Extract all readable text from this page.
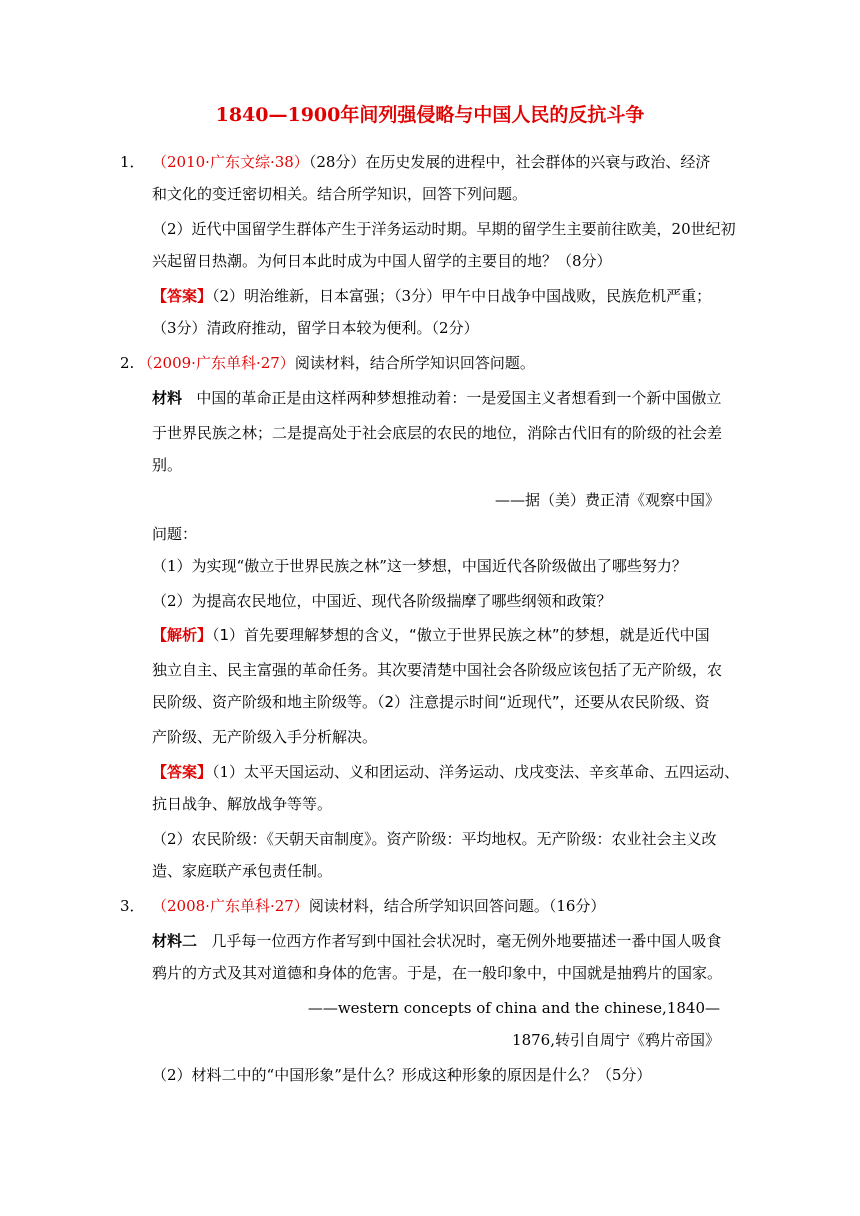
1840—1900年间列强侵略与中国人民的反抗斗争
1． （2010·广东文综·38）（28分）在历史发展的进程中，社会群体的兴衰与政治、经济
和文化的变迁密切相关。结合所学知识，回答下列问题。
（2）近代中国留学生群体产生于洋务运动时期。早期的留学生主要前往欧美，20世纪初
兴起留日热潮。为何日本此时成为中国人留学的主要目的地？（8分）
【答案】（2）明治维新，日本富强；（3分）甲午中日战争中国战败，民族危机严重；
（3分）清政府推动，留学日本较为便利。（2分）
2. （2009·广东单科·27）阅读材料，结合所学知识回答问题。
材料 中国的革命正是由这样两种梦想推动着：一是爱国主义者想看到一个新中国傲立
于世界民族之林；二是提高处于社会底层的农民的地位，消除古代旧有的阶级的社会差
别。
——据（美）费正清《观察中国》
问题：
（1）为实现“傲立于世界民族之林”这一梦想，中国近代各阶级做出了哪些努力？
（2）为提高农民地位，中国近、现代各阶级揣摩了哪些纲领和政策？
【解析】（1）首先要理解梦想的含义，“傲立于世界民族之林”的梦想，就是近代中国
独立自主、民主富强的革命任务。其次要清楚中国社会各阶级应该包括了无产阶级，农
民阶级、资产阶级和地主阶级等。（2）注意提示时间“近现代”，还要从农民阶级、资
产阶级、无产阶级入手分析解决。
【答案】（1）太平天国运动、义和团运动、洋务运动、戊戌变法、辛亥革命、五四运动、
抗日战争、解放战争等等。
（2）农民阶级：《天朝天亩制度》。资产阶级：平均地权。无产阶级：农业社会主义改
造、家庭联产承包责任制。
3． （2008·广东单科·27）阅读材料，结合所学知识回答问题。（16分）
材料二 几乎每一位西方作者写到中国社会状况时，毫无例外地要描述一番中国人吸食
鸦片的方式及其对道德和身体的危害。于是，在一般印象中，中国就是抽鸦片的国家。
——western concepts of china and the chinese,1840—
1876,转引自周宁《鸦片帝国》
（2）材料二中的“中国形象”是什么？形成这种形象的原因是什么？（5分）
